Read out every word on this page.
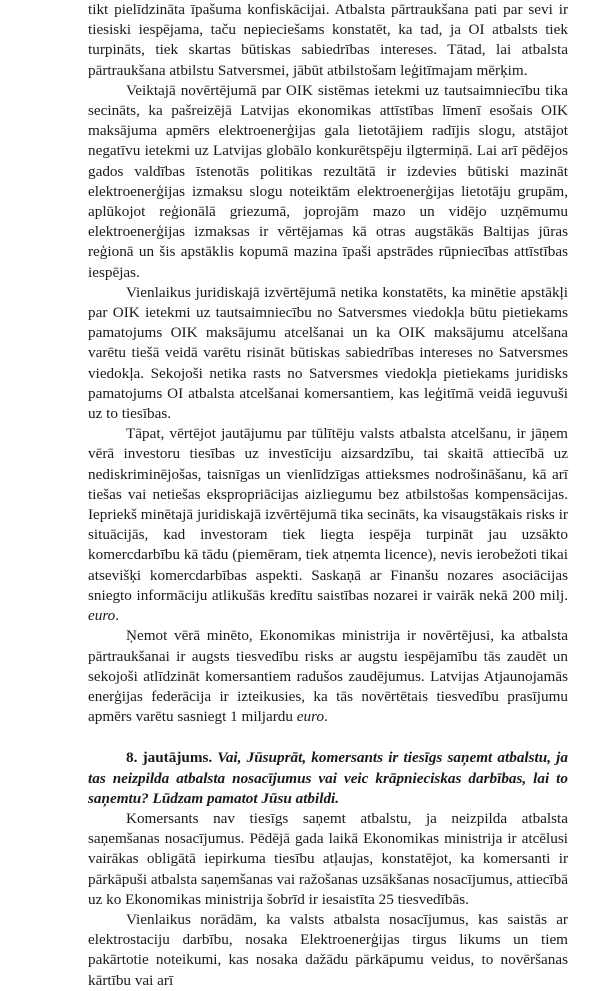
tikt pielīdzināta īpašuma konfiskācijai. Atbalsta pārtraukšana pati par sevi ir tiesiski iespējama, taču nepieciešams konstatēt, ka tad, ja OI atbalsts tiek turpināts, tiek skartas būtiskas sabiedrības intereses. Tātad, lai atbalsta pārtraukšana atbilstu Satversmei, jābūt atbilstošam leģitīmajam mērķim.

Veiktajā novērtējumā par OIK sistēmas ietekmi uz tautsaimniecību tika secināts, ka pašreizējā Latvijas ekonomikas attīstības līmenī esošais OIK maksājuma apmērs elektroenerģijas gala lietotājiem radījis slogu, atstājot negatīvu ietekmi uz Latvijas globālo konkurētspēju ilgtermiņā. Lai arī pēdējos gados valdības īstenotās politikas rezultātā ir izdevies būtiski mazināt elektroenerģijas izmaksu slogu noteiktām elektroenerģijas lietotāju grupām, aplūkojot reģionālā griezumā, joprojām mazo un vidējo uzņēmumu elektroenerģijas izmaksas ir vērtējamas kā otras augstākās Baltijas jūras reģionā un šis apstāklis kopumā mazina īpaši apstrādes rūpniecības attīstības iespējas.

Vienlaikus juridiskajā izvērtējumā netika konstatēts, ka minētie apstākļi par OIK ietekmi uz tautsaimniecību no Satversmes viedokļa būtu pietiekams pamatojums OIK maksājumu atcelšanai un ka OIK maksājumu atcelšana varētu tiešā veidā varētu risināt būtiskas sabiedrības intereses no Satversmes viedokļa. Sekojoši netika rasts no Satversmes viedokļa pietiekams juridisks pamatojums OI atbalsta atcelšanai komersantiem, kas leģitīmā veidā ieguvuši uz to tiesības.

Tāpat, vērtējot jautājumu par tūlītēju valsts atbalsta atcelšanu, ir jāņem vērā investoru tiesības uz investīciju aizsardzību, tai skaitā attiecībā uz nediskriminējošas, taisnīgas un vienlīdzīgas attieksmes nodrošināšanu, kā arī tiešas vai netiešas ekspropriācijas aizliegumu bez atbilstošas kompensācijas. Iepriekš minētajā juridiskajā izvērtējumā tika secināts, ka visaugstākais risks ir situācijās, kad investoram tiek liegta iespēja turpināt jau uzsākto komercdarbību kā tādu (piemēram, tiek atņemta licence), nevis ierobežoti tikai atsevišķi komercdarbības aspekti. Saskaņā ar Finanšu nozares asociācijas sniegto informāciju atlikušās kredītu saistības nozarei ir vairāk nekā 200 milj. euro.

Ņemot vērā minēto, Ekonomikas ministrija ir novērtējusi, ka atbalsta pārtraukšanai ir augsts tiesvedību risks ar augstu iespējamību tās zaudēt un sekojoši atlīdzināt komersantiem radušos zaudējumus. Latvijas Atjaunojamās enerģijas federācija ir izteikusies, ka tās novērtētais tiesvedību prasījumu apmērs varētu sasniegt 1 miljardu euro.

8. jautājums. Vai, Jūsuprāt, komersants ir tiesīgs saņemt atbalstu, ja tas neizpilda atbalsta nosacījumus vai veic krāpnieciskas darbības, lai to saņemtu? Lūdzam pamatot Jūsu atbildi.

Komersants nav tiesīgs saņemt atbalstu, ja neizpilda atbalsta saņemšanas nosacījumus. Pēdējā gada laikā Ekonomikas ministrija ir atcēlusi vairākas obligātā iepirkuma tiesību atļaujas, konstatējot, ka komersanti ir pārkāpuši atbalsta saņemšanas vai ražošanas uzsākšanas nosacījumus, attiecībā uz ko Ekonomikas ministrija šobrīd ir iesaistīta 25 tiesvedībās.

Vienlaikus norādām, ka valsts atbalsta nosacījumus, kas saistās ar elektrostaciju darbību, nosaka Elektroenerģijas tirgus likums un tiem pakārtotie noteikumi, kas nosaka dažādu pārkāpumu veidus, to novēršanas kārtību vai arī
